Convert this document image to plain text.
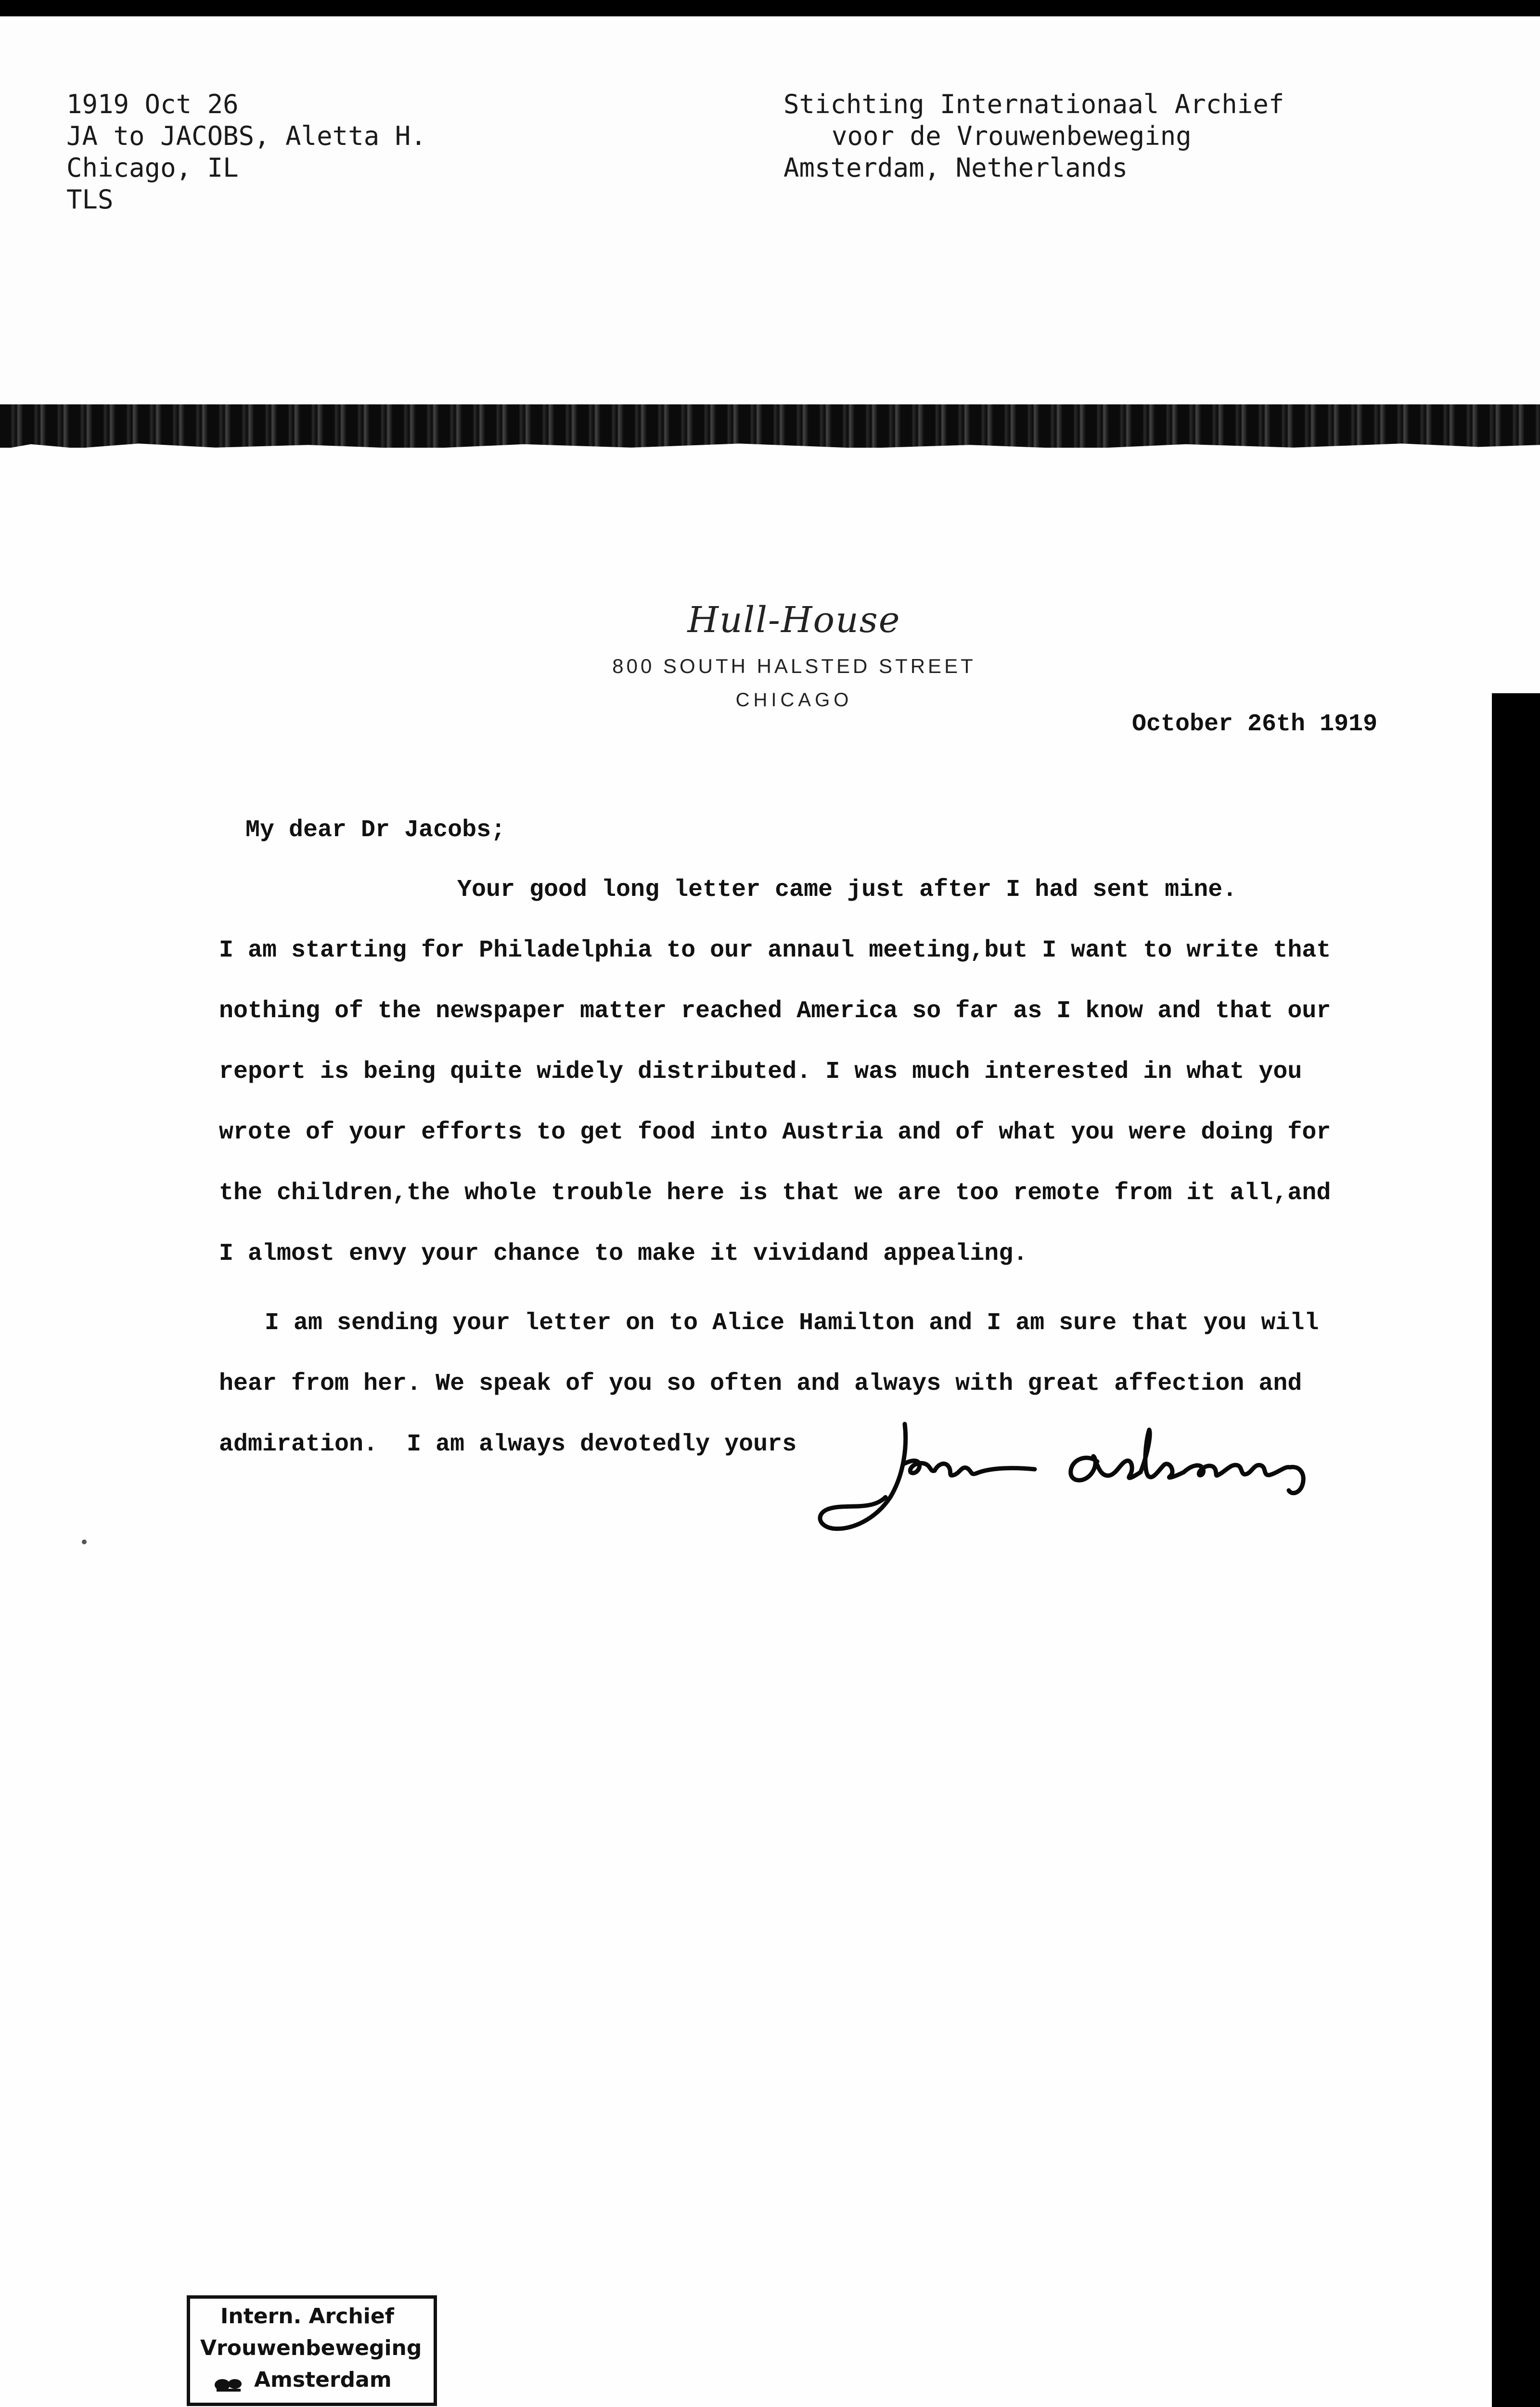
1919 Oct 26
JA to JACOBS, Aletta H.
Chicago, IL
TLS
Stichting Internationaal Archief
voor de Vrouwenbeweging
Amsterdam, Netherlands
Hull-House
800 SOUTH HALSTED STREET
CHICAGO
October 26th 1919
My dear Dr Jacobs;
Your good long letter came just after I had sent mine.
I am starting for Philadelphia to our annaul meeting,but I want to write that
nothing of the newspaper matter reached America so far as I know and that our
report is being quite widely distributed. I was much interested in what you
wrote of your efforts to get food into Austria and of what you were doing for
the children,the whole trouble here is that we are too remote from it all,and
I almost envy your chance to make it vividand appealing.
I am sending your letter on to Alice Hamilton and I am sure that you will
hear from her. We speak of you so often and always with great affection and
admiration.  I am always devotedly yours
Intern. Archief
Vrouwenbeweging
Amsterdam
